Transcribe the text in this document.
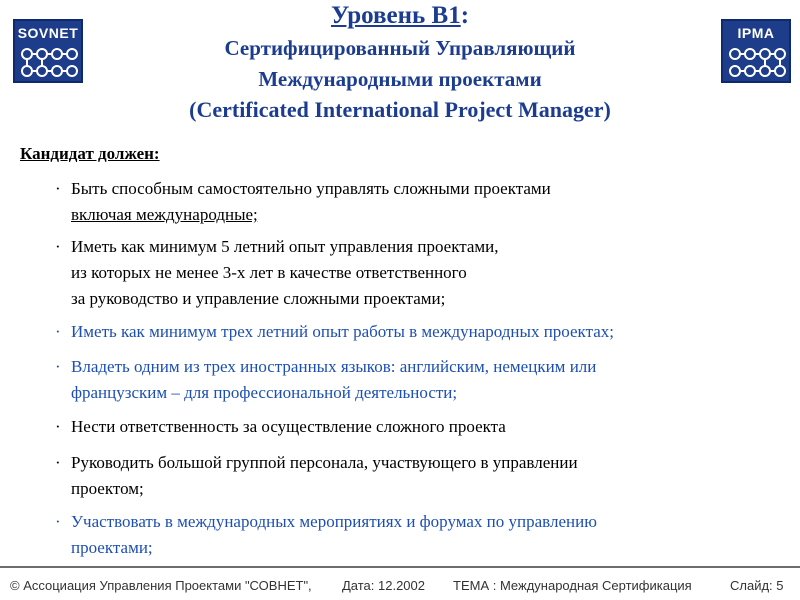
SOVNET	IPMA
Уровень B1:
Сертифицированный Управляющий
Международными проектами
(Certificated International Project Manager)
Кандидат должен:
· Быть способным самостоятельно управлять сложными проектами
включая международные;
· Иметь как минимум 5 летний опыт управления проектами,
из которых не менее 3-х лет в качестве ответственного
за руководство и управление сложными проектами;
· Иметь как минимум трех летний опыт работы в международных проектах;
· Владеть одним из трех иностранных языков: английским, немецким или
французским – для профессиональной деятельности;
· Нести ответственность за осуществление сложного проекта
· Руководить большой группой персонала, участвующего в управлении
проектом;
· Участвовать в международных мероприятиях и форумах по управлению
проектами;
© Ассоциация Управления Проектами "СОВНЕТ", Дата: 12.2002 ТЕМА : Международная Сертификация	Слайд: 5
